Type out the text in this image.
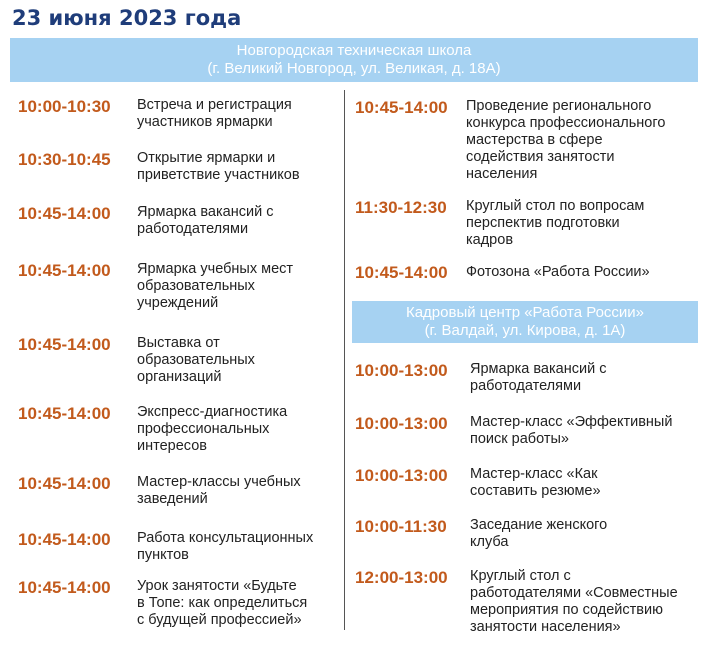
23 июня 2023 года
Новгородская техническая школа
(г. Великий Новгород, ул. Великая, д. 18А)
Кадровый центр «Работа России»
(г. Валдай, ул. Кирова, д. 1А)
10:00-10:30 Встреча и регистрация
участников ярмарки
10:30-10:45 Открытие ярмарки и
приветствие участников
10:45-14:00 Ярмарка вакансий с
работодателями
10:45-14:00 Ярмарка учебных мест
образовательных
учреждений
10:45-14:00 Выставка от
образовательных
организаций
10:45-14:00 Экспресс-диагностика
профессиональных
интересов
10:45-14:00 Мастер-классы учебных
заведений
10:45-14:00 Работа консультационных
пунктов
10:45-14:00 Урок занятости «Будьте
в Топе: как определиться
с будущей профессией»
10:45-14:00 Проведение регионального
конкурса профессионального
мастерства в сфере
содействия занятости
населения
11:30-12:30 Круглый стол по вопросам
перспектив подготовки
кадров
10:45-14:00 Фотозона «Работа России»
10:00-13:00 Ярмарка вакансий с
работодателями
10:00-13:00 Мастер-класс «Эффективный
поиск работы»
10:00-13:00 Мастер-класс «Как
составить резюме»
10:00-11:30 Заседание женского
клуба
12:00-13:00 Круглый стол с
работодателями «Совместные
мероприятия по содействию
занятости населения»
